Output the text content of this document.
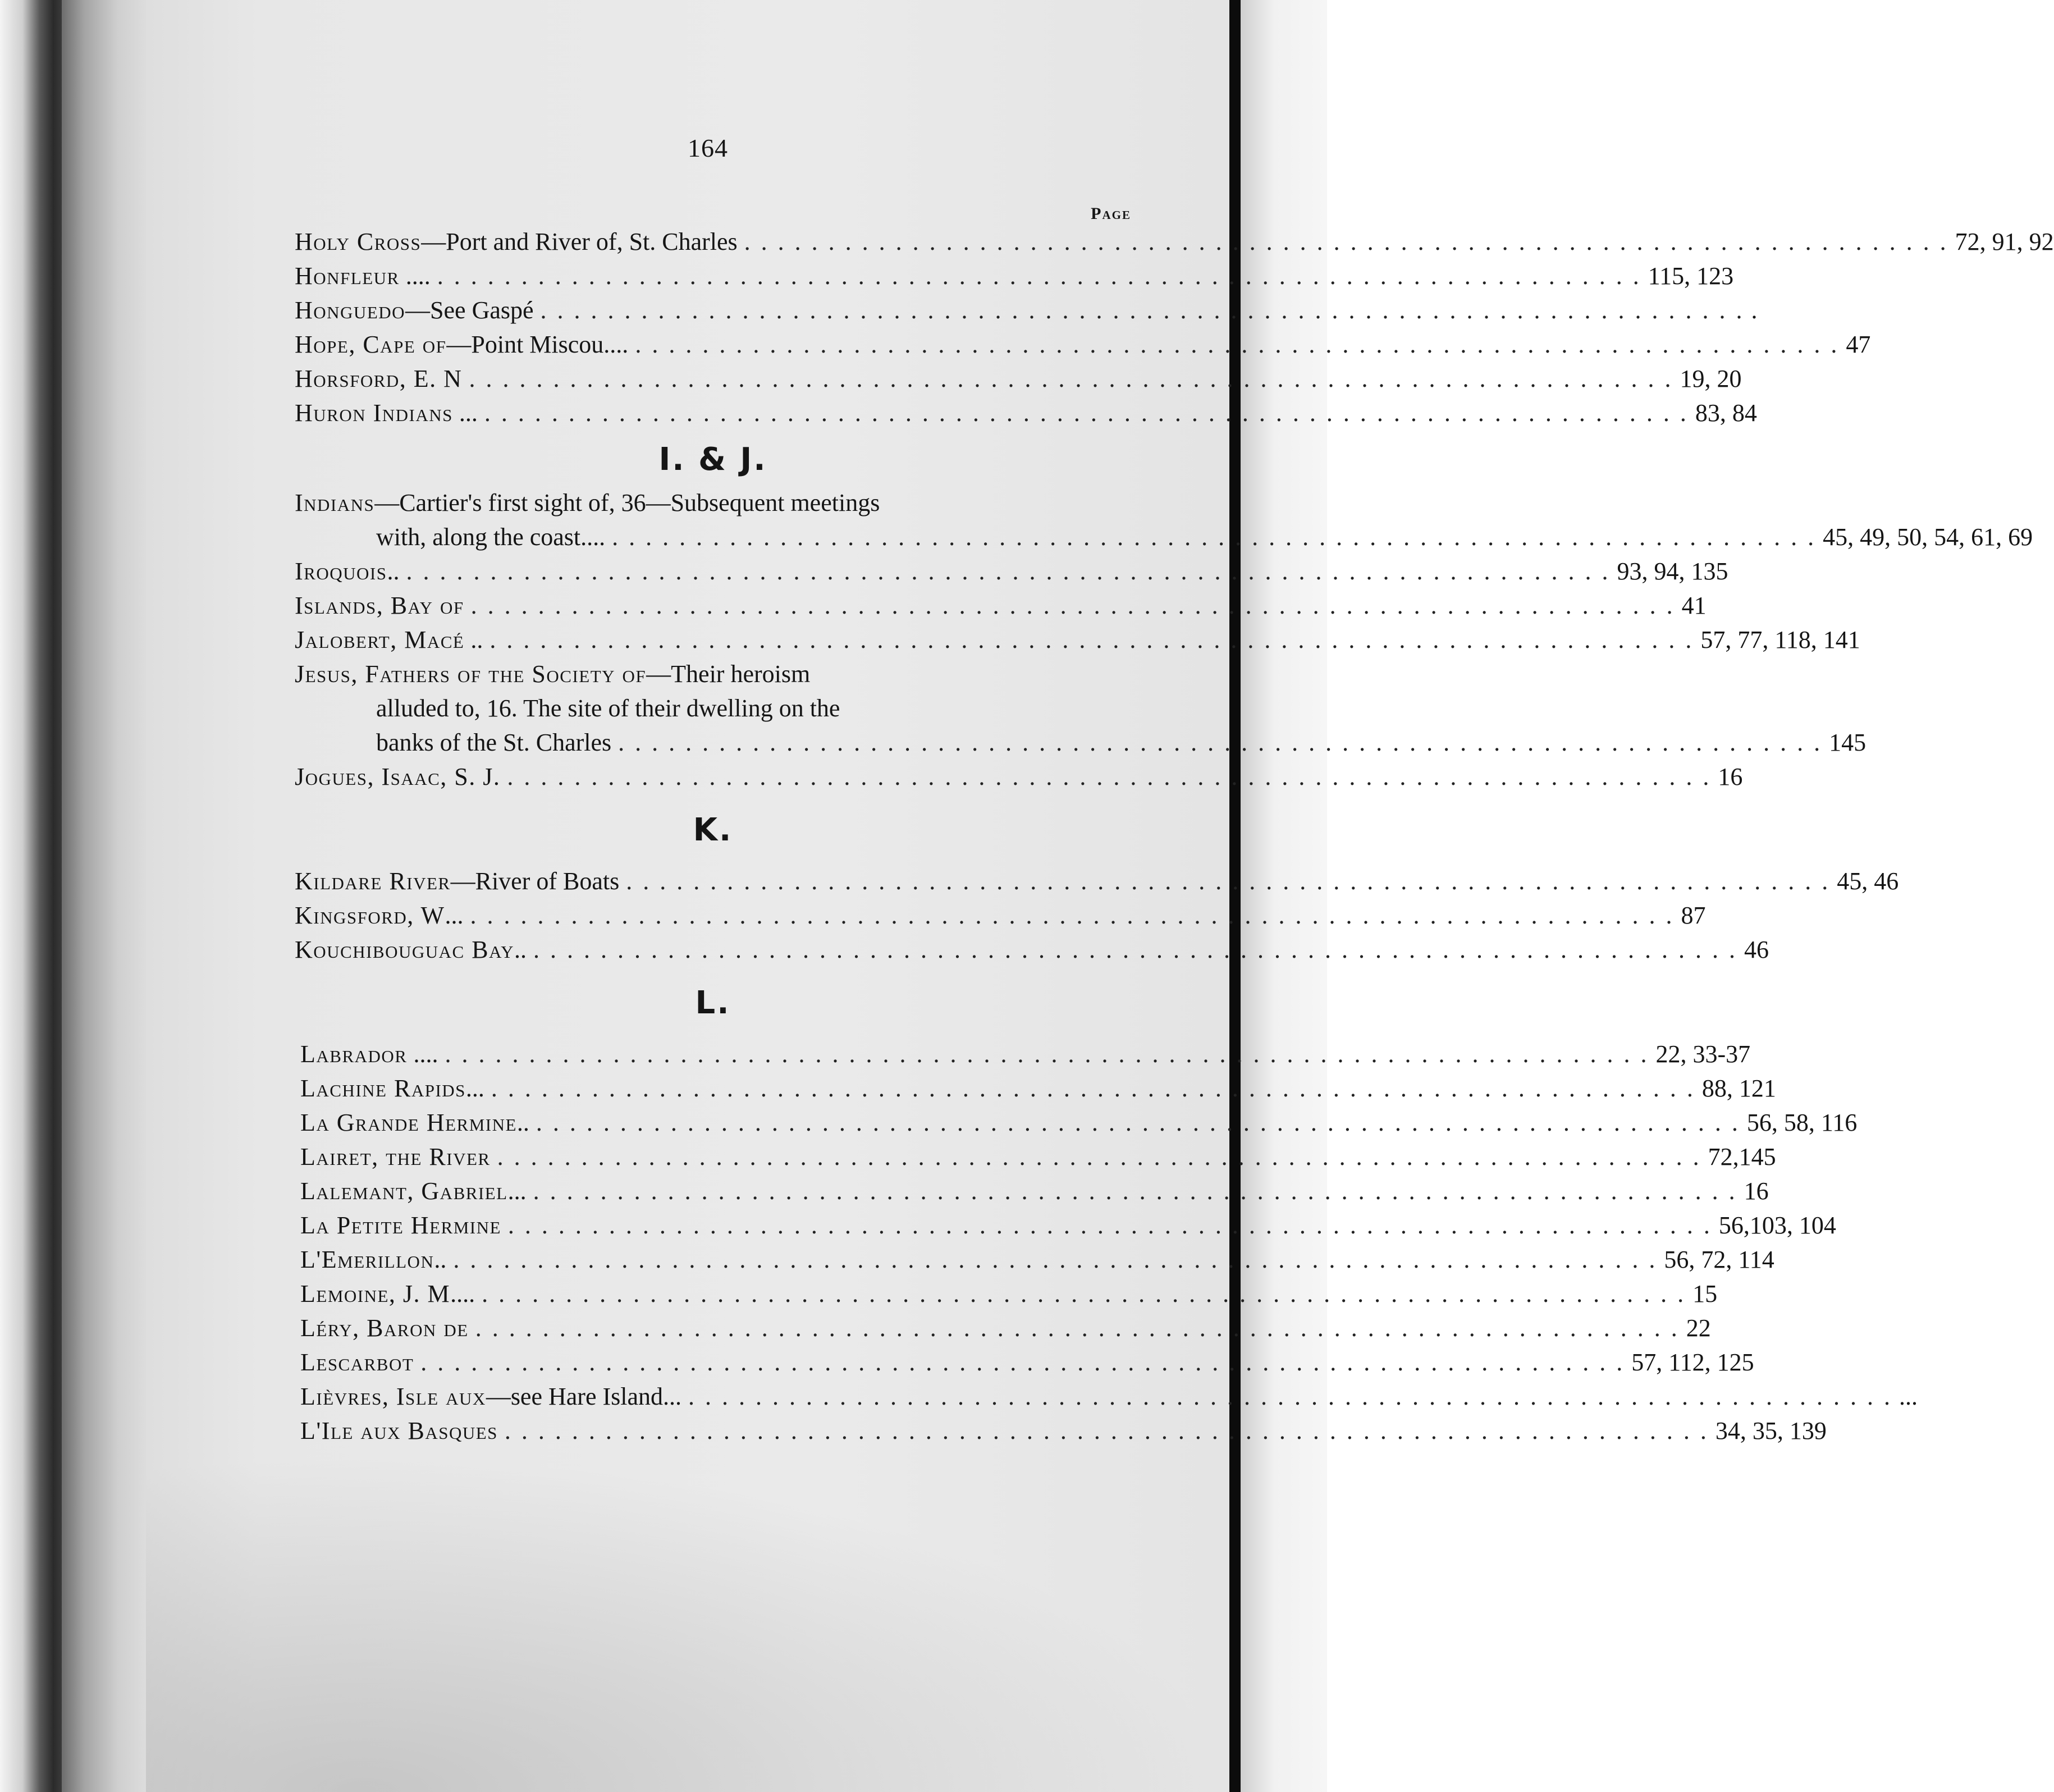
164
Page
Holy Cross—Port and River of, St. Charles . . . . . . . . . . . . . . . . . . . . . . . . . . . . . . . . . . . . . . . . . . . . . . . . . . . . . . . . . . . . . . . . . . . . . . . . 72, 91, 92
Honfleur .... . . . . . . . . . . . . . . . . . . . . . . . . . . . . . . . . . . . . . . . . . . . . . . . . . . . . . . . . . . . . . . . . . . . . . . . . 115, 123
Honguedo—See Gaspé . . . . . . . . . . . . . . . . . . . . . . . . . . . . . . . . . . . . . . . . . . . . . . . . . . . . . . . . . . . . . . . . . . . . . . . . .
Hope, Cape of—Point Miscou.... . . . . . . . . . . . . . . . . . . . . . . . . . . . . . . . . . . . . . . . . . . . . . . . . . . . . . . . . . . . . . . . . . . . . . . . . 47
Horsford, E. N . . . . . . . . . . . . . . . . . . . . . . . . . . . . . . . . . . . . . . . . . . . . . . . . . . . . . . . . . . . . . . . . . . . . . . . . 19, 20
Huron Indians ... . . . . . . . . . . . . . . . . . . . . . . . . . . . . . . . . . . . . . . . . . . . . . . . . . . . . . . . . . . . . . . . . . . . . . . . . 83, 84
I. & J.
Indians—Cartier's first sight of, 36—Subsequent meetings
with, along the coast.... . . . . . . . . . . . . . . . . . . . . . . . . . . . . . . . . . . . . . . . . . . . . . . . . . . . . . . . . . . . . . . . . . . . . . . . . 45, 49, 50, 54, 61, 69
Iroquois.. . . . . . . . . . . . . . . . . . . . . . . . . . . . . . . . . . . . . . . . . . . . . . . . . . . . . . . . . . . . . . . . . . . . . . . . . 93, 94, 135
Islands, Bay of . . . . . . . . . . . . . . . . . . . . . . . . . . . . . . . . . . . . . . . . . . . . . . . . . . . . . . . . . . . . . . . . . . . . . . . . 41
Jalobert, Macé .. . . . . . . . . . . . . . . . . . . . . . . . . . . . . . . . . . . . . . . . . . . . . . . . . . . . . . . . . . . . . . . . . . . . . . . . . 57, 77, 118, 141
Jesus, Fathers of the Society of—Their heroism
alluded to, 16. The site of their dwelling on the
banks of the St. Charles . . . . . . . . . . . . . . . . . . . . . . . . . . . . . . . . . . . . . . . . . . . . . . . . . . . . . . . . . . . . . . . . . . . . . . . . 145
Jogues, Isaac, S. J. . . . . . . . . . . . . . . . . . . . . . . . . . . . . . . . . . . . . . . . . . . . . . . . . . . . . . . . . . . . . . . . . . . . . . . . . 16
K.
Kildare River—River of Boats . . . . . . . . . . . . . . . . . . . . . . . . . . . . . . . . . . . . . . . . . . . . . . . . . . . . . . . . . . . . . . . . . . . . . . . . 45, 46
Kingsford, W... . . . . . . . . . . . . . . . . . . . . . . . . . . . . . . . . . . . . . . . . . . . . . . . . . . . . . . . . . . . . . . . . . . . . . . . . 87
Kouchibouguac Bay.. . . . . . . . . . . . . . . . . . . . . . . . . . . . . . . . . . . . . . . . . . . . . . . . . . . . . . . . . . . . . . . . . . . . . . . . . 46
L.
Labrador .... . . . . . . . . . . . . . . . . . . . . . . . . . . . . . . . . . . . . . . . . . . . . . . . . . . . . . . . . . . . . . . . . . . . . . . . . 22, 33-37
Lachine Rapids... . . . . . . . . . . . . . . . . . . . . . . . . . . . . . . . . . . . . . . . . . . . . . . . . . . . . . . . . . . . . . . . . . . . . . . . . 88, 121
La Grande Hermine.. . . . . . . . . . . . . . . . . . . . . . . . . . . . . . . . . . . . . . . . . . . . . . . . . . . . . . . . . . . . . . . . . . . . . . . . . 56, 58, 116
Lairet, the River . . . . . . . . . . . . . . . . . . . . . . . . . . . . . . . . . . . . . . . . . . . . . . . . . . . . . . . . . . . . . . . . . . . . . . . . 72,145
Lalemant, Gabriel... . . . . . . . . . . . . . . . . . . . . . . . . . . . . . . . . . . . . . . . . . . . . . . . . . . . . . . . . . . . . . . . . . . . . . . . . 16
La Petite Hermine . . . . . . . . . . . . . . . . . . . . . . . . . . . . . . . . . . . . . . . . . . . . . . . . . . . . . . . . . . . . . . . . . . . . . . . . 56,103, 104
L'Emerillon.. . . . . . . . . . . . . . . . . . . . . . . . . . . . . . . . . . . . . . . . . . . . . . . . . . . . . . . . . . . . . . . . . . . . . . . . . 56, 72, 114
Lemoine, J. M.... . . . . . . . . . . . . . . . . . . . . . . . . . . . . . . . . . . . . . . . . . . . . . . . . . . . . . . . . . . . . . . . . . . . . . . . . 15
Léry, Baron de . . . . . . . . . . . . . . . . . . . . . . . . . . . . . . . . . . . . . . . . . . . . . . . . . . . . . . . . . . . . . . . . . . . . . . . . 22
Lescarbot . . . . . . . . . . . . . . . . . . . . . . . . . . . . . . . . . . . . . . . . . . . . . . . . . . . . . . . . . . . . . . . . . . . . . . . . 57, 112, 125
Lièvres, Isle aux—see Hare Island... . . . . . . . . . . . . . . . . . . . . . . . . . . . . . . . . . . . . . . . . . . . . . . . . . . . . . . . . . . . . . . . . . . . . . . . . ...
L'Ile aux Basques . . . . . . . . . . . . . . . . . . . . . . . . . . . . . . . . . . . . . . . . . . . . . . . . . . . . . . . . . . . . . . . . . . . . . . . . 34, 35, 139
